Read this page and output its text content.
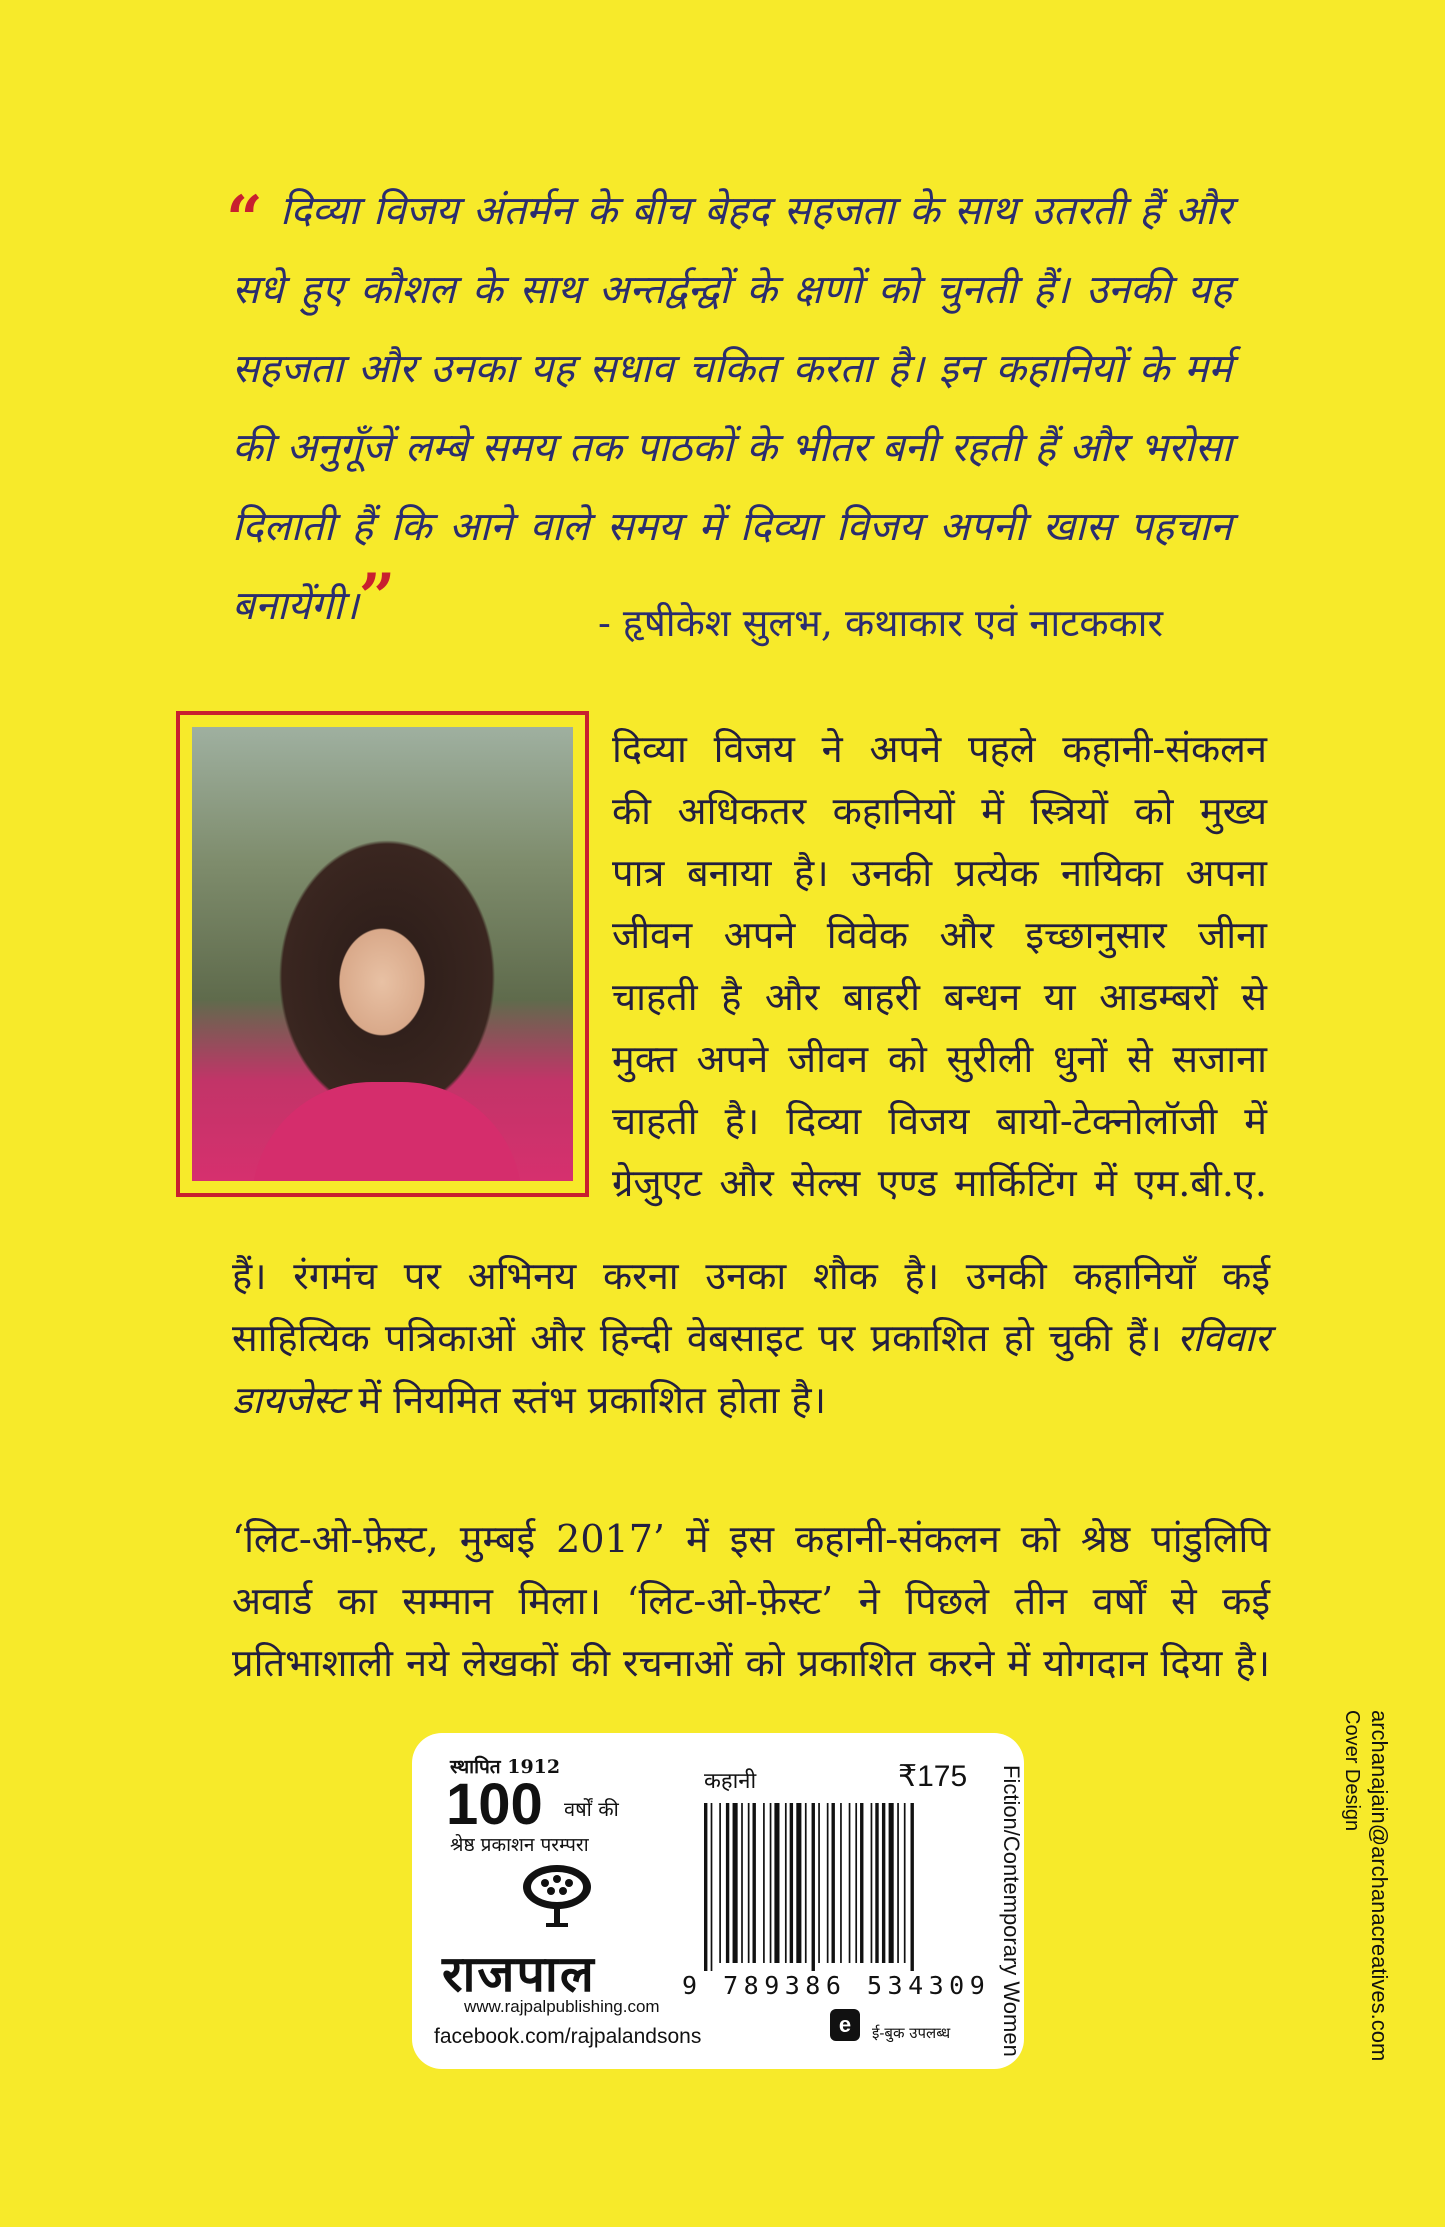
“ दिव्या विजय अंतर्मन के बीच बेहद सहजता के साथ उतरती हैं और सधे हुए कौशल के साथ अन्तर्द्वन्द्वों के क्षणों को चुनती हैं। उनकी यह सहजता और उनका यह सधाव चकित करता है। इन कहानियों के मर्म की अनुगूँजें लम्बे समय तक पाठकों के भीतर बनी रहती हैं और भरोसा दिलाती हैं कि आने वाले समय में दिव्या विजय अपनी खास पहचान बनायेंगी।”	- हृषीकेश सुलभ, कथाकार एवं नाटककार
दिव्या विजय ने अपने पहले कहानी-संकलन
की अधिकतर कहानियों में स्त्रियों को मुख्य
पात्र बनाया है। उनकी प्रत्येक नायिका अपना
जीवन अपने विवेक और इच्छानुसार जीना
चाहती है और बाहरी बन्धन या आडम्बरों से
मुक्त अपने जीवन को सुरीली धुनों से सजाना
चाहती है। दिव्या विजय बायो-टेक्नोलॉजी में
ग्रेजुएट और सेल्स एण्ड मार्किटिंग में एम.बी.ए.
हैं। रंगमंच पर अभिनय करना उनका शौक है। उनकी कहानियाँ कई
साहित्यिक पत्रिकाओं और हिन्दी वेबसाइट पर प्रकाशित हो चुकी हैं। रविवार
डायजेस्ट में नियमित स्तंभ प्रकाशित होता है।
‘लिट-ओ-फ़ेस्ट, मुम्बई 2017’ में इस कहानी-संकलन को श्रेष्ठ पांडुलिपि
अवार्ड का सम्मान मिला। ‘लिट-ओ-फ़ेस्ट’ ने पिछले तीन वर्षों से कई
प्रतिभाशाली नये लेखकों की रचनाओं को प्रकाशित करने में योगदान दिया है।
स्थापित 1912
100 वर्षों की
श्रेष्ठ प्रकाशन परम्परा
राजपाल
www.rajpalpublishing.com
facebook.com/rajpalandsons
कहानी	₹175
9 789386 534309
e	ई-बुक उपलब्ध Fiction/Contemporary Women	Cover Design archanajain@archanacreatives.com
